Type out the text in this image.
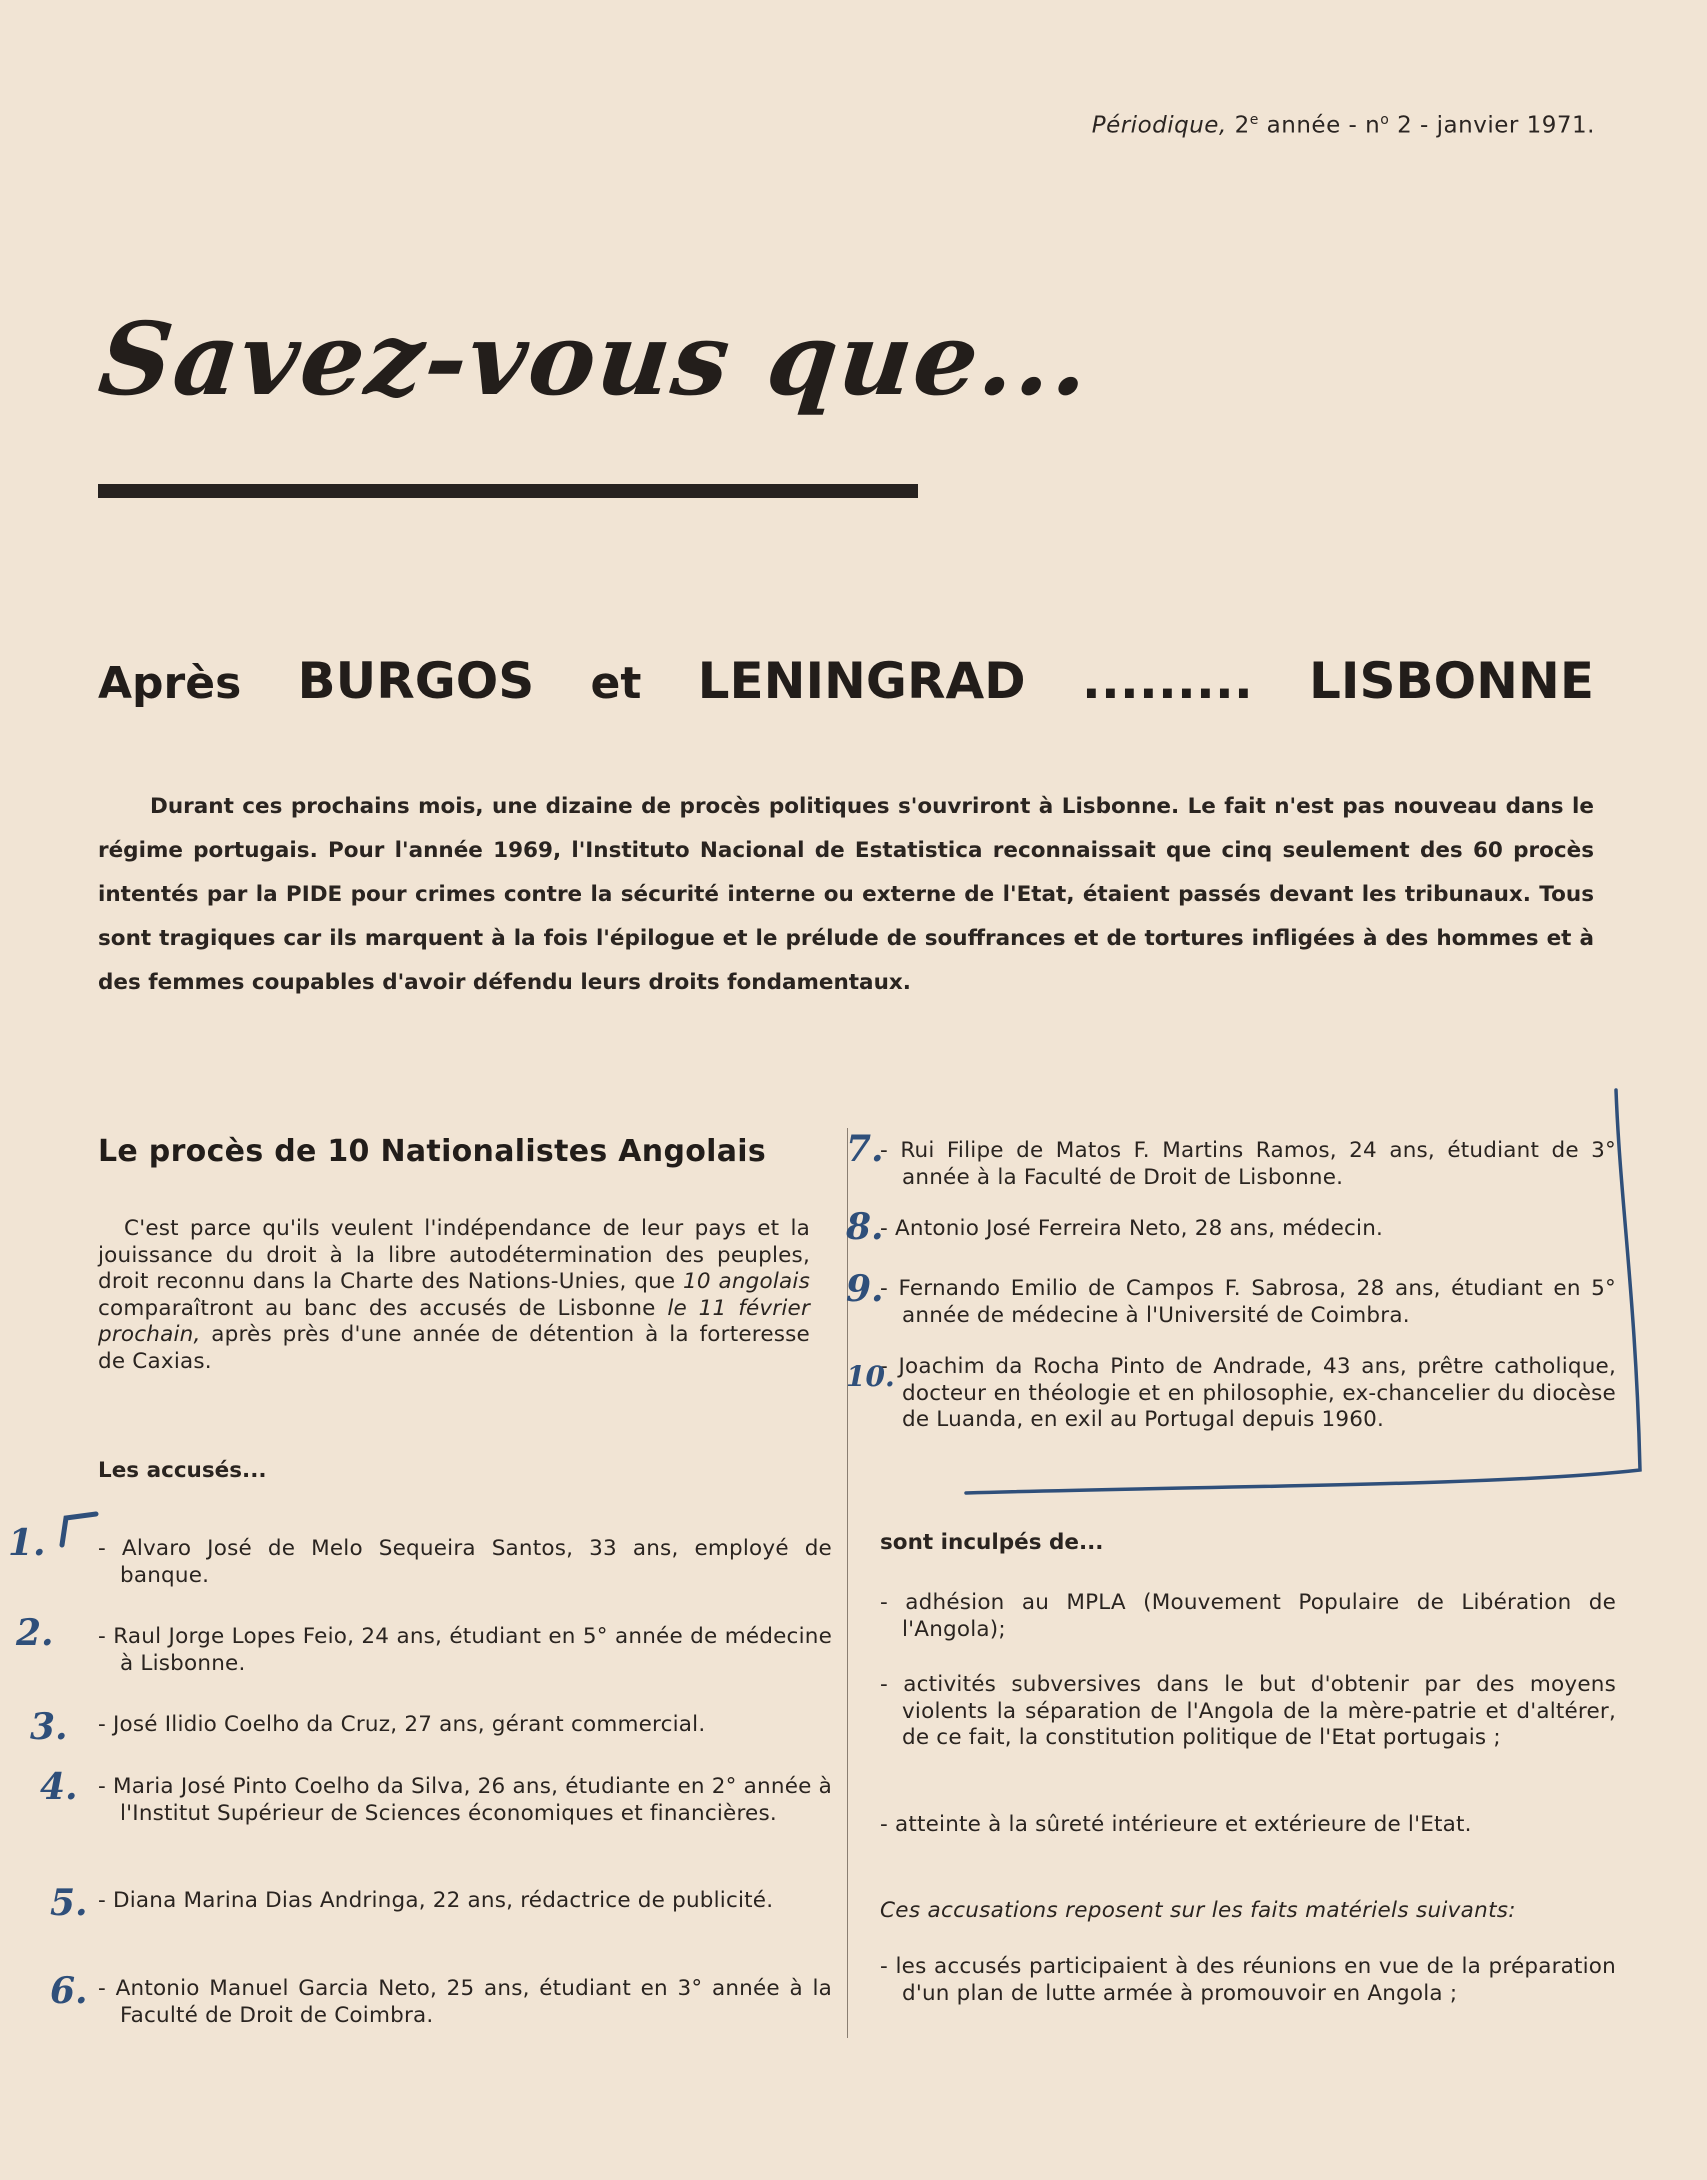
Périodique, 2e année - $n^o$ 2 - janvier 1971.
Savez-vous que...
Après BURGOS et LENINGRAD ......... LISBONNE

Durant ces prochains mois, une dizaine de procès politiques s'ouvriront à Lisbonne. Le fait n'est pas nouveau dans le régime portugais. Pour l'année 1969, l'Instituto Nacional de Estatistica reconnaissait que cinq seulement des 60 procès intentés par la PIDE pour crimes contre la sécurité interne ou externe de l'Etat, étaient passés devant les tribunaux. Tous sont tragiques car ils marquent à la fois l'épilogue et le prélude de souffrances et de tortures infligées à des hommes et à des femmes coupables d'avoir défendu leurs droits fondamentaux.

Le procès de 10 Nationalistes Angolais

C'est parce qu'ils veulent l'indépendance de leur pays et la jouissance du droit à la libre autodétermination des peuples, droit reconnu dans la Charte des Nations-Unies, que 10 angolais comparaîtront au banc des accusés de Lisbonne le 11 février prochain, après près d'une année de détention à la forteresse de Caxias.

Les accusés...

- Alvaro José de Melo Sequeira Santos, 33 ans, employé de banque.
- Raul Jorge Lopes Feio, 24 ans, étudiant en 5° année de médecine à Lisbonne.
- José Ilidio Coelho da Cruz, 27 ans, gérant commercial.
- Maria José Pinto Coelho da Silva, 26 ans, étudiante en 2° année à l'Institut Supérieur de Sciences économiques et financières.
- Diana Marina Dias Andringa, 22 ans, rédactrice de publicité.
- Antonio Manuel Garcia Neto, 25 ans, étudiant en 3° année à la Faculté de Droit de Coimbra.
- Rui Filipe de Matos F. Martins Ramos, 24 ans, étudiant de 3° année à la Faculté de Droit de Lisbonne.
- Antonio José Ferreira Neto, 28 ans, médecin.
- Fernando Emilio de Campos F. Sabrosa, 28 ans, étudiant en 5° année de médecine à l'Université de Coimbra.
- Joachim da Rocha Pinto de Andrade, 43 ans, prêtre catholique, docteur en théologie et en philosophie, ex-chancelier du diocèse de Luanda, en exil au Portugal depuis 1960.

sont inculpés de...

- adhésion au MPLA (Mouvement Populaire de Libération de l'Angola);
- activités subversives dans le but d'obtenir par des moyens violents la séparation de l'Angola de la mère-patrie et d'altérer, de ce fait, la constitution politique de l'Etat portugais ;
- atteinte à la sûreté intérieure et extérieure de l'Etat.
Ces accusations reposent sur les faits matériels suivants:
- les accusés participaient à des réunions en vue de la préparation d'un plan de lutte armée à promouvoir en Angola ;
1.
2.
3.
4.
5.
6.
7.
8.
9.
10.
